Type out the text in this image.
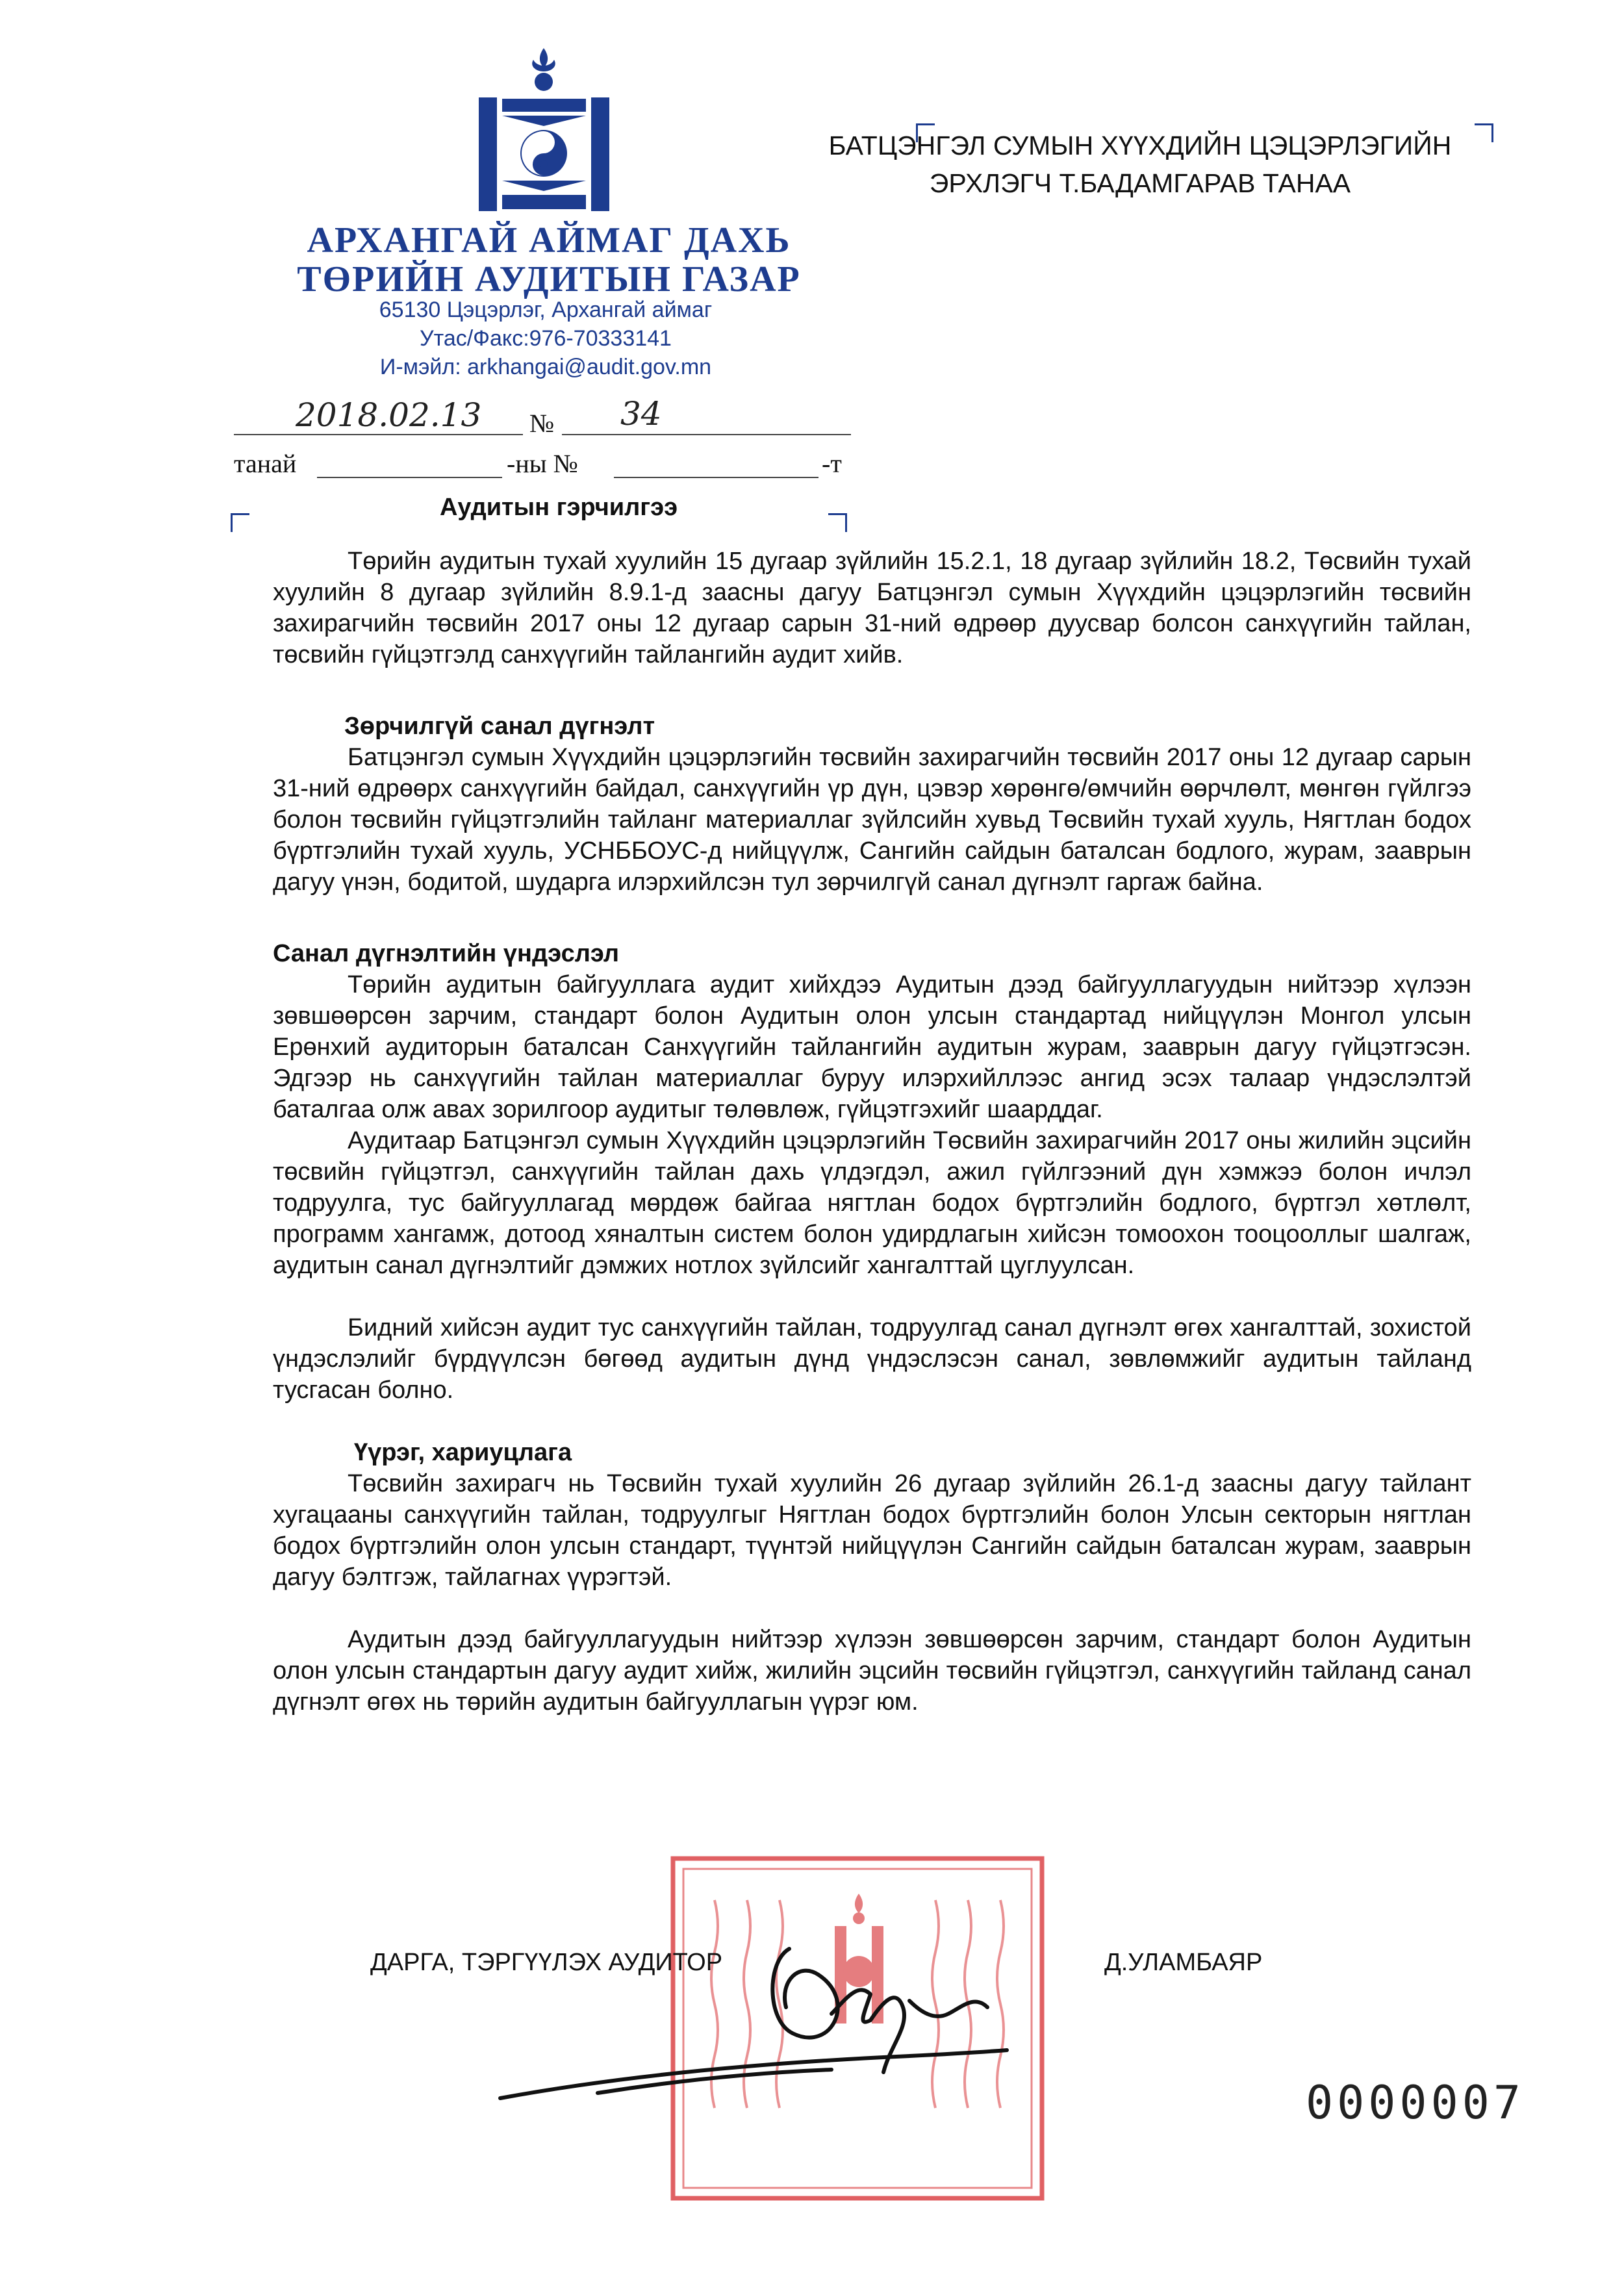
АРХАНГАЙ АЙМАГ ДАХЬ
ТӨРИЙН АУДИТЫН ГАЗАР
65130 Цэцэрлэг, Архангай аймаг
Утас/Факс:976-70333141
И-мэйл: arkhangai@audit.gov.mn
БАТЦЭНГЭЛ СУМЫН ХҮҮХДИЙН ЦЭЦЭРЛЭГИЙН
ЭРХЛЭГЧ Т.БАДАМГАРАВ ТАНАА
2018.02.13 № 34
танай	-ны №	-т
Аудитын гэрчилгээ

Төрийн аудитын тухай хуулийн 15 дугаар зүйлийн 15.2.1, 18 дугаар зүйлийн 18.2, Төсвийн тухай хуулийн 8 дугаар зүйлийн 8.9.1-д заасны дагуу Батцэнгэл сумын Хүүхдийн цэцэрлэгийн төсвийн захирагчийн төсвийн 2017 оны 12 дугаар сарын 31-ний өдрөөр дуусвар болсон санхүүгийн тайлан, төсвийн гүйцэтгэлд санхүүгийн тайлангийн аудит хийв.

Зөрчилгүй санал дүгнэлт

Батцэнгэл сумын Хүүхдийн цэцэрлэгийн төсвийн захирагчийн төсвийн 2017 оны 12 дугаар сарын 31-ний өдрөөрх санхүүгийн байдал, санхүүгийн үр дүн, цэвэр хөрөнгө/өмчийн өөрчлөлт, мөнгөн гүйлгээ болон төсвийн гүйцэтгэлийн тайланг материаллаг зүйлсийн хувьд Төсвийн тухай хууль, Нягтлан бодох бүртгэлийн тухай хууль, УСНББОУС-д нийцүүлж, Сангийн сайдын баталсан бодлого, журам, зааврын дагуу үнэн, бодитой, шударга илэрхийлсэн тул зөрчилгүй санал дүгнэлт гаргаж байна.

Санал дүгнэлтийн үндэслэл

Төрийн аудитын байгууллага аудит хийхдээ Аудитын дээд байгууллагуудын нийтээр хүлээн зөвшөөрсөн зарчим, стандарт болон Аудитын олон улсын стандартад нийцүүлэн Монгол улсын Ерөнхий аудиторын баталсан Санхүүгийн тайлангийн аудитын журам, зааврын дагуу гүйцэтгэсэн. Эдгээр нь санхүүгийн тайлан материаллаг буруу илэрхийллээс ангид эсэх талаар үндэслэлтэй баталгаа олж авах зорилгоор аудитыг төлөвлөж, гүйцэтгэхийг шаарддаг.

Аудитаар Батцэнгэл сумын Хүүхдийн цэцэрлэгийн Төсвийн захирагчийн 2017 оны жилийн эцсийн төсвийн гүйцэтгэл, санхүүгийн тайлан дахь үлдэгдэл, ажил гүйлгээний дүн хэмжээ болон ичлэл тодруулга, тус байгууллагад мөрдөж байгаа нягтлан бодох бүртгэлийн бодлого, бүртгэл хөтлөлт, программ хангамж, дотоод хяналтын систем болон удирдлагын хийсэн томоохон тооцооллыг шалгаж, аудитын санал дүгнэлтийг дэмжих нотлох зүйлсийг хангалттай цуглуулсан.

Бидний хийсэн аудит тус санхүүгийн тайлан, тодруулгад санал дүгнэлт өгөх хангалттай, зохистой үндэслэлийг бүрдүүлсэн бөгөөд аудитын дүнд үндэслэсэн санал, зөвлөмжийг аудитын тайланд тусгасан болно.

Үүрэг, хариуцлага

Төсвийн захирагч нь Төсвийн тухай хуулийн 26 дугаар зүйлийн 26.1-д заасны дагуу тайлант хугацааны санхүүгийн тайлан, тодруулгыг Нягтлан бодох бүртгэлийн болон Улсын секторын нягтлан бодох бүртгэлийн олон улсын стандарт, түүнтэй нийцүүлэн Сангийн сайдын баталсан журам, зааврын дагуу бэлтгэж, тайлагнах үүрэгтэй.

Аудитын дээд байгууллагуудын нийтээр хүлээн зөвшөөрсөн зарчим, стандарт болон Аудитын олон улсын стандартын дагуу аудит хийж, жилийн эцсийн төсвийн гүйцэтгэл, санхүүгийн тайланд санал дүгнэлт өгөх нь төрийн аудитын байгууллагын үүрэг юм.

ДАРГА, ТЭРГҮҮЛЭХ АУДИТОР	Д.УЛАМБАЯР
0000007
